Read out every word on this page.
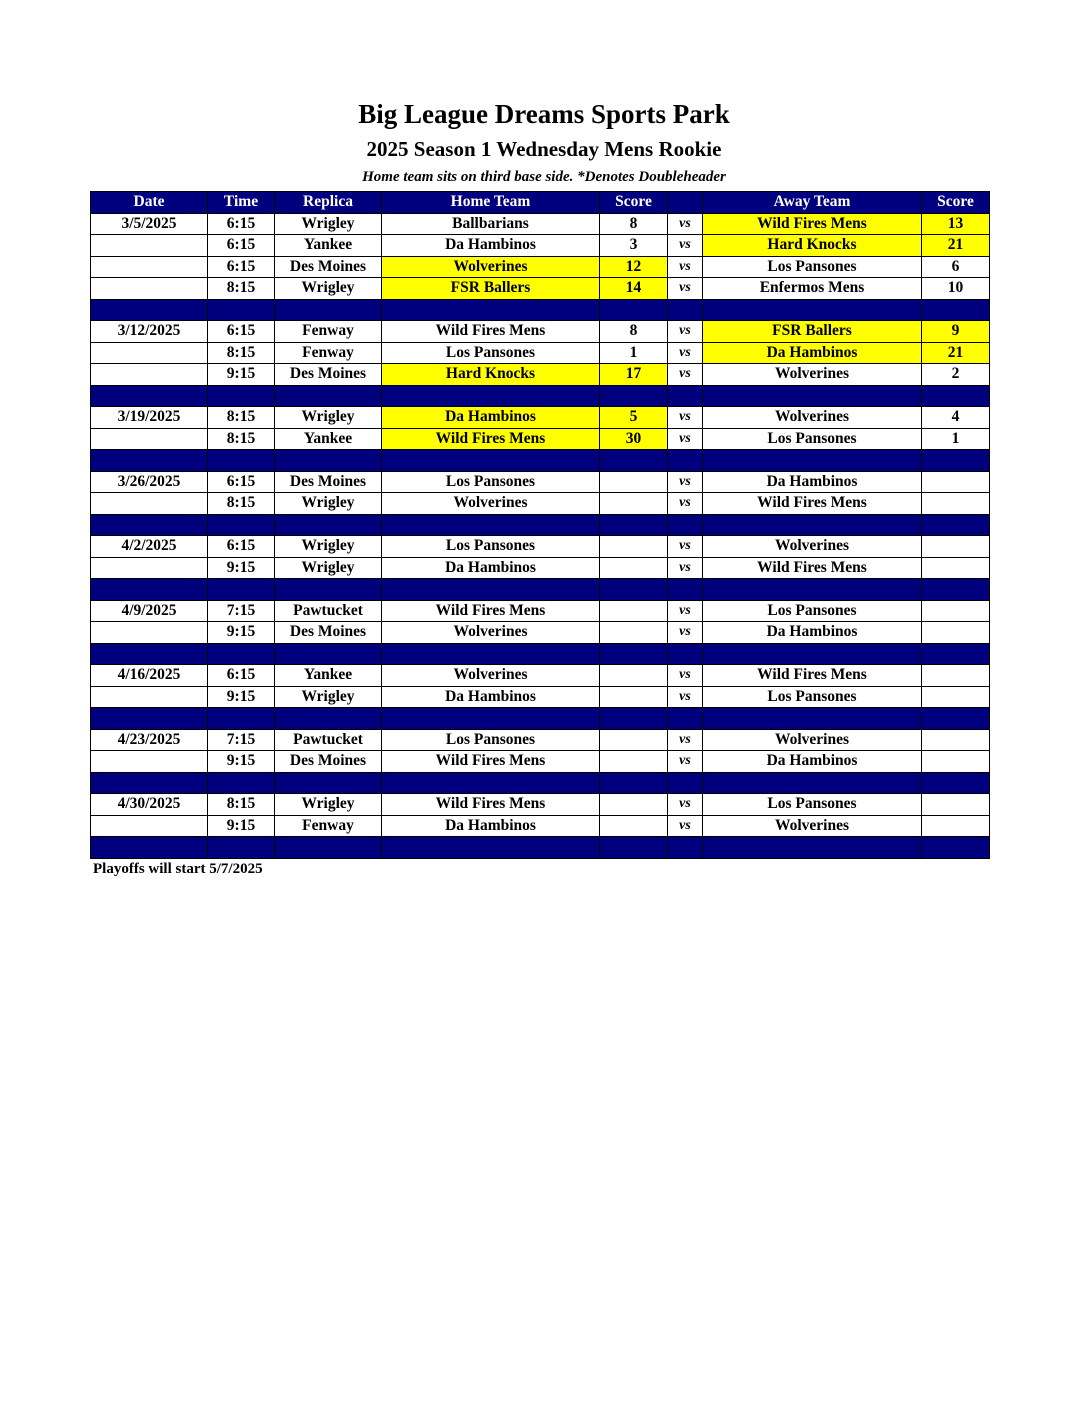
Big League Dreams Sports Park
2025 Season 1 Wednesday Mens Rookie
Home team sits on third base side. *Denotes Doubleheader
Date	Time	Replica	Home Team	Score		Away Team	Score
3/5/2025	6:15	Wrigley	Ballbarians	8	vs	Wild Fires Mens	13
	6:15	Yankee	Da Hambinos	3	vs	Hard Knocks	21
	6:15	Des Moines	Wolverines	12	vs	Los Pansones	6
	8:15	Wrigley	FSR Ballers	14	vs	Enfermos Mens	10

3/12/2025	6:15	Fenway	Wild Fires Mens	8	vs	FSR Ballers	9
	8:15	Fenway	Los Pansones	1	vs	Da Hambinos	21
	9:15	Des Moines	Hard Knocks	17	vs	Wolverines	2

3/19/2025	8:15	Wrigley	Da Hambinos	5	vs	Wolverines	4
	8:15	Yankee	Wild Fires Mens	30	vs	Los Pansones	1

3/26/2025	6:15	Des Moines	Los Pansones		vs	Da Hambinos	
	8:15	Wrigley	Wolverines		vs	Wild Fires Mens	

4/2/2025	6:15	Wrigley	Los Pansones		vs	Wolverines	
	9:15	Wrigley	Da Hambinos		vs	Wild Fires Mens	

4/9/2025	7:15	Pawtucket	Wild Fires Mens		vs	Los Pansones	
	9:15	Des Moines	Wolverines		vs	Da Hambinos	

4/16/2025	6:15	Yankee	Wolverines		vs	Wild Fires Mens	
	9:15	Wrigley	Da Hambinos		vs	Los Pansones	

4/23/2025	7:15	Pawtucket	Los Pansones		vs	Wolverines	
	9:15	Des Moines	Wild Fires Mens		vs	Da Hambinos	

4/30/2025	8:15	Wrigley	Wild Fires Mens		vs	Los Pansones	
	9:15	Fenway	Da Hambinos		vs	Wolverines	

Playoffs will start 5/7/2025
